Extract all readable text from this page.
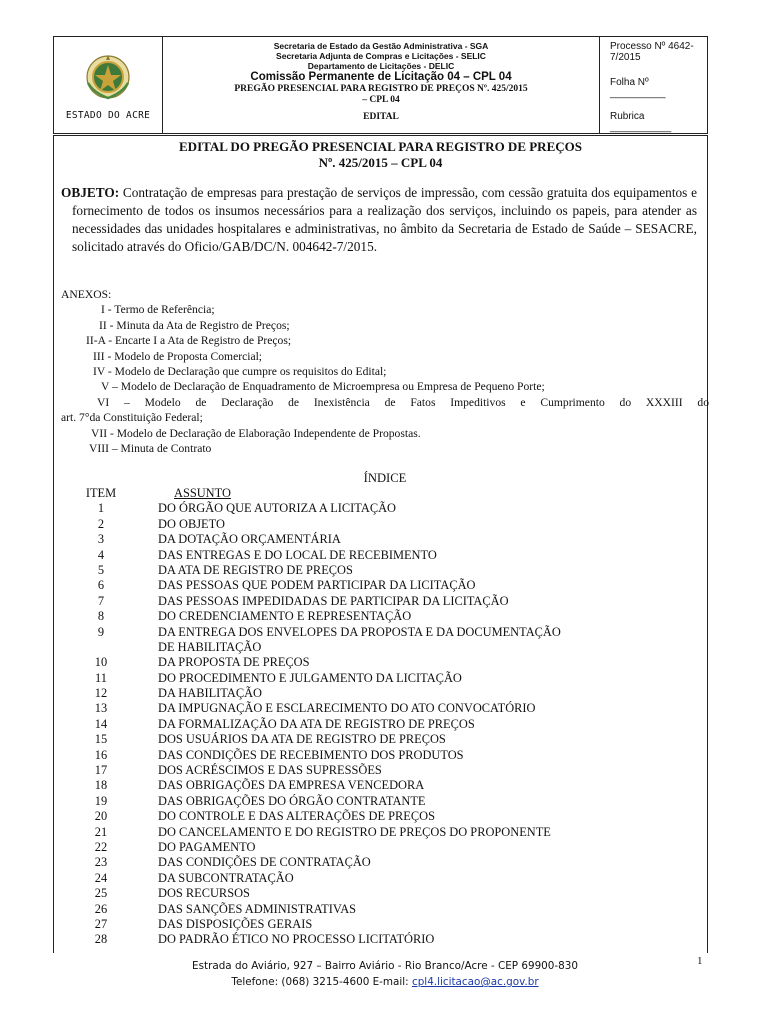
ESTADO DO ACRE
Secretaria de Estado da Gestão Administrativa - SGA
Secretaria Adjunta de Compras e Licitações - SELIC
Departamento de Licitações - DELIC
Comissão Permanente de Licitação 04 – CPL 04
PREGÃO PRESENCIAL PARA REGISTRO DE PREÇOS Nº. 425/2015
– CPL 04
EDITAL
Processo Nº 4642-7/2015
Folha Nº __________
Rubrica ___________
EDITAL DO PREGÃO PRESENCIAL PARA REGISTRO DE PREÇOS
Nº. 425/2015 – CPL 04

OBJETO: Contratação de empresas para prestação de serviços de impressão, com cessão gratuita dos equipamentos e fornecimento de todos os insumos necessários para a realização dos serviços, incluindo os papeis, para atender as necessidades das unidades hospitalares e administrativas, no âmbito da Secretaria de Estado de Saúde – SESACRE, solicitado através do Oficio/GAB/DC/N. 004642-7/2015.

ANEXOS:
I - Termo de Referência;
II - Minuta da Ata de Registro de Preços;
II-A - Encarte I a Ata de Registro de Preços;
III - Modelo de Proposta Comercial;
IV - Modelo de Declaração que cumpre os requisitos do Edital;
V – Modelo de Declaração de Enquadramento de Microempresa ou Empresa de Pequeno Porte;
VI – Modelo de Declaração de Inexistência de Fatos Impeditivos e Cumprimento do XXXIII do
art. 7°da Constituição Federal;
VII - Modelo de Declaração de Elaboração Independente de Propostas.
VIII – Minuta de Contrato
ÍNDICE
ITEM	ASSUNTO
1	DO ÓRGÃO QUE AUTORIZA A LICITAÇÃO
2	DO OBJETO
3	DA DOTAÇÃO ORÇAMENTÁRIA
4	DAS ENTREGAS E DO LOCAL DE RECEBIMENTO
5	DA ATA DE REGISTRO DE PREÇOS
6	DAS PESSOAS QUE PODEM PARTICIPAR DA LICITAÇÃO
7	DAS PESSOAS IMPEDIDADAS DE PARTICIPAR DA LICITAÇÃO
8	DO CREDENCIAMENTO E REPRESENTAÇÃO
9	DA ENTREGA DOS ENVELOPES DA PROPOSTA E DA DOCUMENTAÇÃO
DE HABILITAÇÃO
10	DA PROPOSTA DE PREÇOS
11	DO PROCEDIMENTO E JULGAMENTO DA LICITAÇÃO
12	DA HABILITAÇÃO
13	DA IMPUGNAÇÃO E ESCLARECIMENTO DO ATO CONVOCATÓRIO
14	DA FORMALIZAÇÃO DA ATA DE REGISTRO DE PREÇOS
15	DOS USUÁRIOS DA ATA DE REGISTRO DE PREÇOS
16	DAS CONDIÇÕES DE RECEBIMENTO DOS PRODUTOS
17	DOS ACRÉSCIMOS E DAS SUPRESSÕES
18	DAS OBRIGAÇÕES DA EMPRESA VENCEDORA
19	DAS OBRIGAÇÕES DO ÓRGÃO CONTRATANTE
20	DO CONTROLE E DAS ALTERAÇÕES DE PREÇOS
21	DO CANCELAMENTO E DO REGISTRO DE PREÇOS DO PROPONENTE
22	DO PAGAMENTO
23	DAS CONDIÇÕES DE CONTRATAÇÃO
24	DA SUBCONTRATAÇÃO
25	DOS RECURSOS
26	DAS SANÇÕES ADMINISTRATIVAS
27	DAS DISPOSIÇÕES GERAIS
28	DO PADRÃO ÉTICO NO PROCESSO LICITATÓRIO
1
Estrada do Aviário, 927 – Bairro Aviário - Rio Branco/Acre - CEP 69900-830
Telefone: (068) 3215-4600 E-mail: cpl4.licitacao@ac.gov.br
